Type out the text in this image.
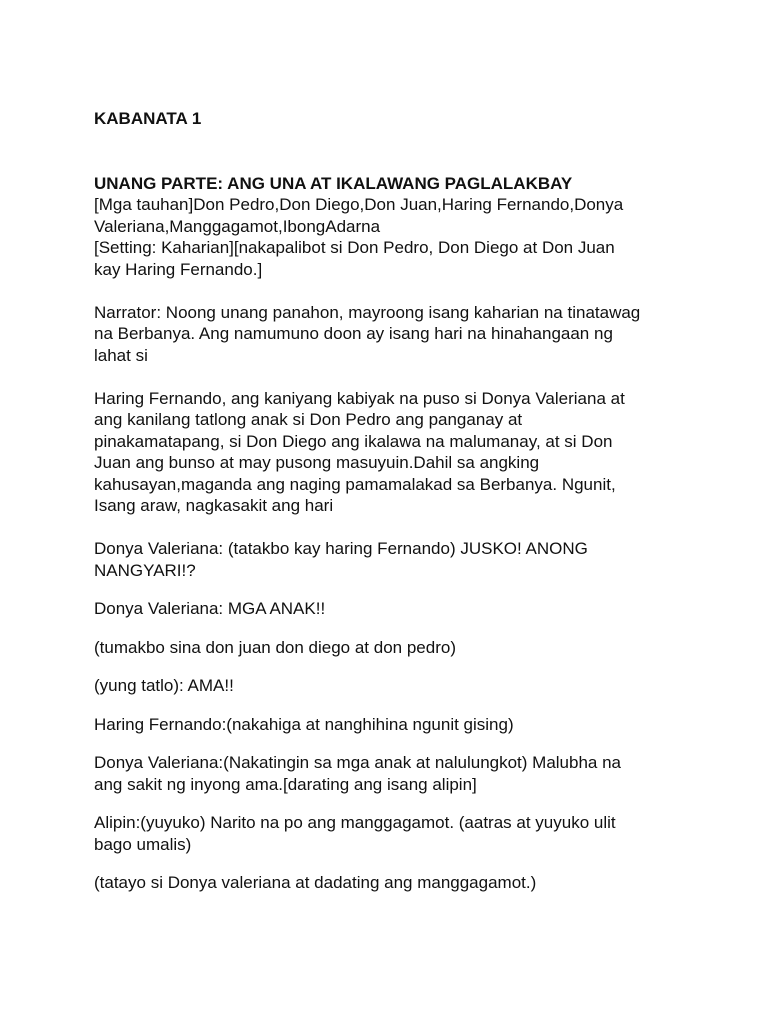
KABANATA 1

UNANG PARTE: ANG UNA AT IKALAWANG PAGLALAKBAY

[Mga tauhan]Don Pedro,Don Diego,Don Juan,Haring Fernando,Donya

Valeriana,Manggagamot,IbongAdarna

[Setting: Kaharian][nakapalibot si Don Pedro, Don Diego at Don Juan

kay Haring Fernando.]

Narrator: Noong unang panahon, mayroong isang kaharian na tinatawag

na Berbanya. Ang namumuno doon ay isang hari na hinahangaan ng

lahat si

Haring Fernando, ang kaniyang kabiyak na puso si Donya Valeriana at

ang kanilang tatlong anak si Don Pedro ang panganay at

pinakamatapang, si Don Diego ang ikalawa na malumanay, at si Don

Juan ang bunso at may pusong masuyuin.Dahil sa angking

kahusayan,maganda ang naging pamamalakad sa Berbanya. Ngunit,

Isang araw, nagkasakit ang hari

Donya Valeriana: (tatakbo kay haring Fernando) JUSKO! ANONG

NANGYARI!?

Donya Valeriana: MGA ANAK!!

(tumakbo sina don juan don diego at don pedro)

(yung tatlo): AMA!!

Haring Fernando:(nakahiga at nanghihina ngunit gising)

Donya Valeriana:(Nakatingin sa mga anak at nalulungkot) Malubha na

ang sakit ng inyong ama.[darating ang isang alipin]

Alipin:(yuyuko) Narito na po ang manggagamot. (aatras at yuyuko ulit

bago umalis)

(tatayo si Donya valeriana at dadating ang manggagamot.)
